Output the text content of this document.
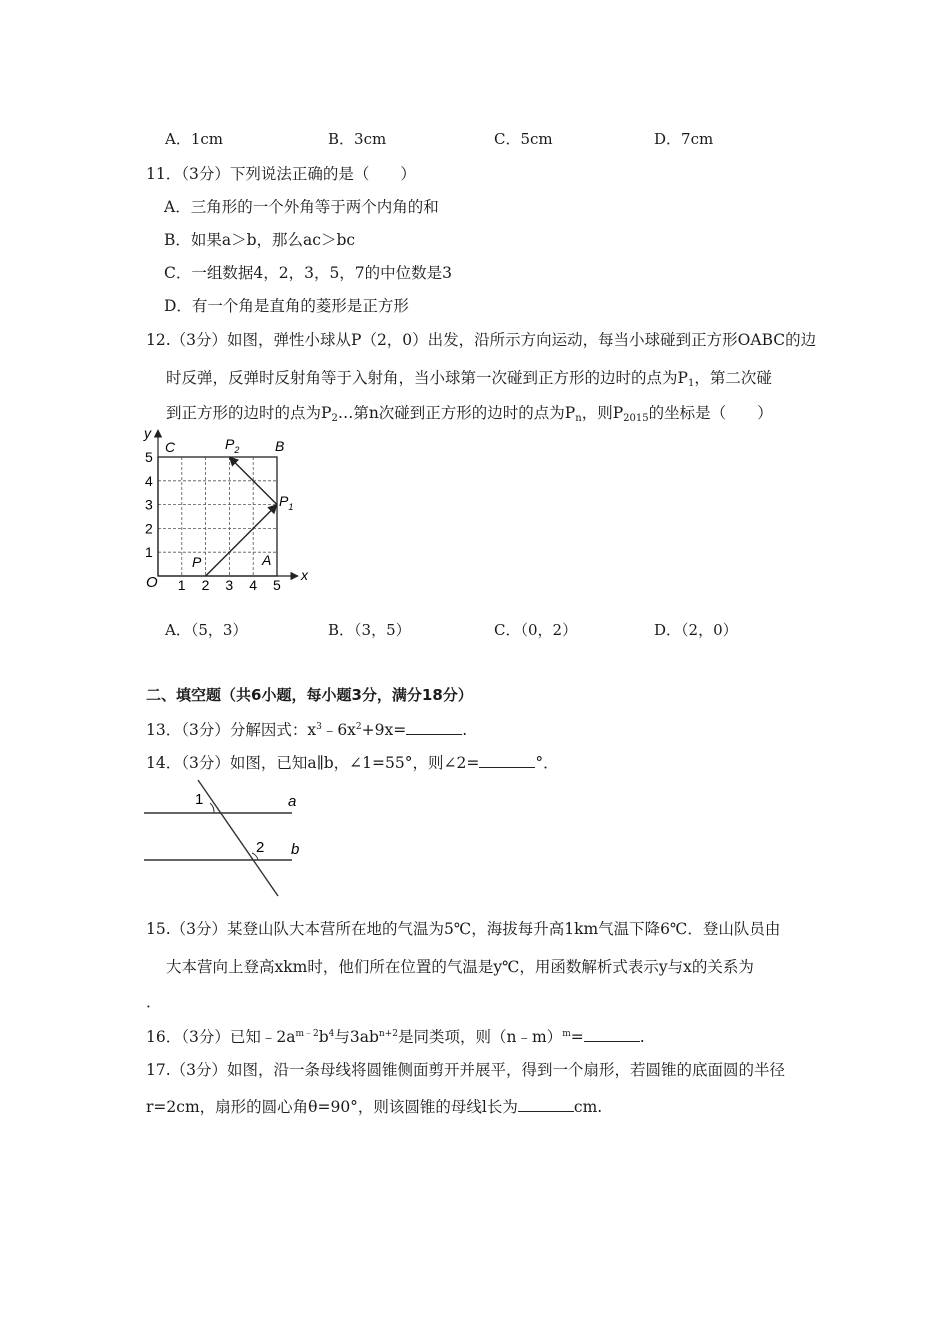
A．1cm	B．3cm	C．5cm	D．7cm
11．（3分）下列说法正确的是（　　）
A．三角形的一个外角等于两个内角的和
B．如果a＞b，那么ac＞bc
C．一组数据4，2，3，5，7的中位数是3
D．有一个角是直角的菱形是正方形
12.（3分）如图，弹性小球从P（2，0）出发，沿所示方向运动，每当小球碰到正方形OABC的边
时反弹，反弹时反射角等于入射角，当小球第一次碰到正方形的边时的点为$P_1$，第二次碰
到正方形的边时的点为$P_2\dots$第n次碰到正方形的边时的点为$P_n$，则$P_{2015}$的坐标是（　　）
1 2 3 4 5
1
2
3
4
5
O	x
y
C	B
A
P
$P_1$
$P_2$
A．（5，3）	B．（3，5）	C．（0，2）	D．（2，0）
二、填空题（共6小题，每小题3分，满分18分）
13．（3分）分解因式：$x^3﹣6x^2+9x=$	.
14．（3分）如图，已知a∥b，∠1=55°，则∠2=	°．
1
2
a
b
15.（3分）某登山队大本营所在地的气温为5℃，海拔每升高1km气温下降6℃．登山队员由
大本营向上登高xkm时，他们所在位置的气温是y℃，用函数解析式表示y与x的关系为
．
16．（3分）已知$﹣2a^{m﹣2}b^4$与$3ab^{n+2}$是同类项，则（n﹣m）$^m$=	.
17.（3分）如图，沿一条母线将圆锥侧面剪开并展平，得到一个扇形，若圆锥的底面圆的半径
r=2cm，扇形的圆心角θ=90°，则该圆锥的母线l长为	cm.
